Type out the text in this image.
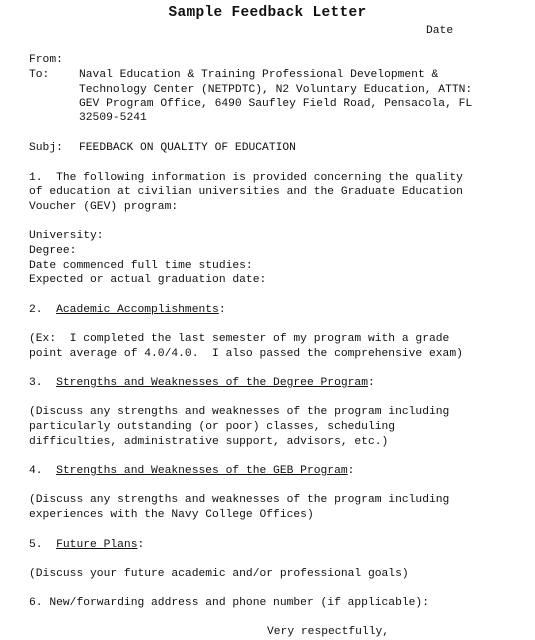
Sample Feedback Letter
Date
From:
To:	Naval Education & Training Professional Development &
Technology Center (NETPDTC), N2 Voluntary Education, ATTN:
GEV Program Office, 6490 Saufley Field Road, Pensacola, FL
32509-5241
Subj: FEEDBACK ON QUALITY OF EDUCATION
1.  The following information is provided concerning the quality
of education at civilian universities and the Graduate Education
Voucher (GEV) program:
University:
Degree:
Date commenced full time studies:
Expected or actual graduation date:
2. Academic Accomplishments:
(Ex:  I completed the last semester of my program with a grade
point average of 4.0/4.0.  I also passed the comprehensive exam)
3. Strengths and Weaknesses of the Degree Program:
(Discuss any strengths and weaknesses of the program including
particularly outstanding (or poor) classes, scheduling
difficulties, administrative support, advisors, etc.)
4. Strengths and Weaknesses of the GEB Program:
(Discuss any strengths and weaknesses of the program including
experiences with the Navy College Offices)
5. Future Plans:
(Discuss your future academic and/or professional goals)
6. New/forwarding address and phone number (if applicable):
Very respectfully,
